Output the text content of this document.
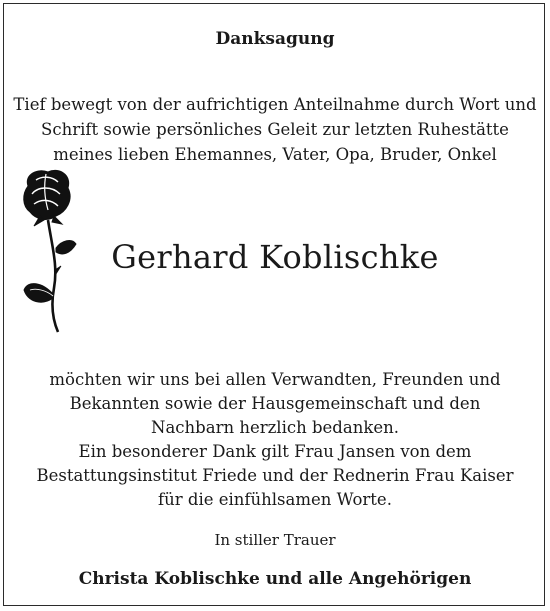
Danksagung
Tief bewegt von der aufrichtigen Anteilnahme durch Wort und
Schrift sowie persönliches Geleit zur letzten Ruhestätte
meines lieben Ehemannes, Vater, Opa, Bruder, Onkel
Gerhard Koblischke
möchten wir uns bei allen Verwandten, Freunden und
Bekannten sowie der Hausgemeinschaft und den
Nachbarn herzlich bedanken.
Ein besonderer Dank gilt Frau Jansen von dem
Bestattungsinstitut Friede und der Rednerin Frau Kaiser
für die einfühlsamen Worte.
In stiller Trauer
Christa Koblischke und alle Angehörigen
